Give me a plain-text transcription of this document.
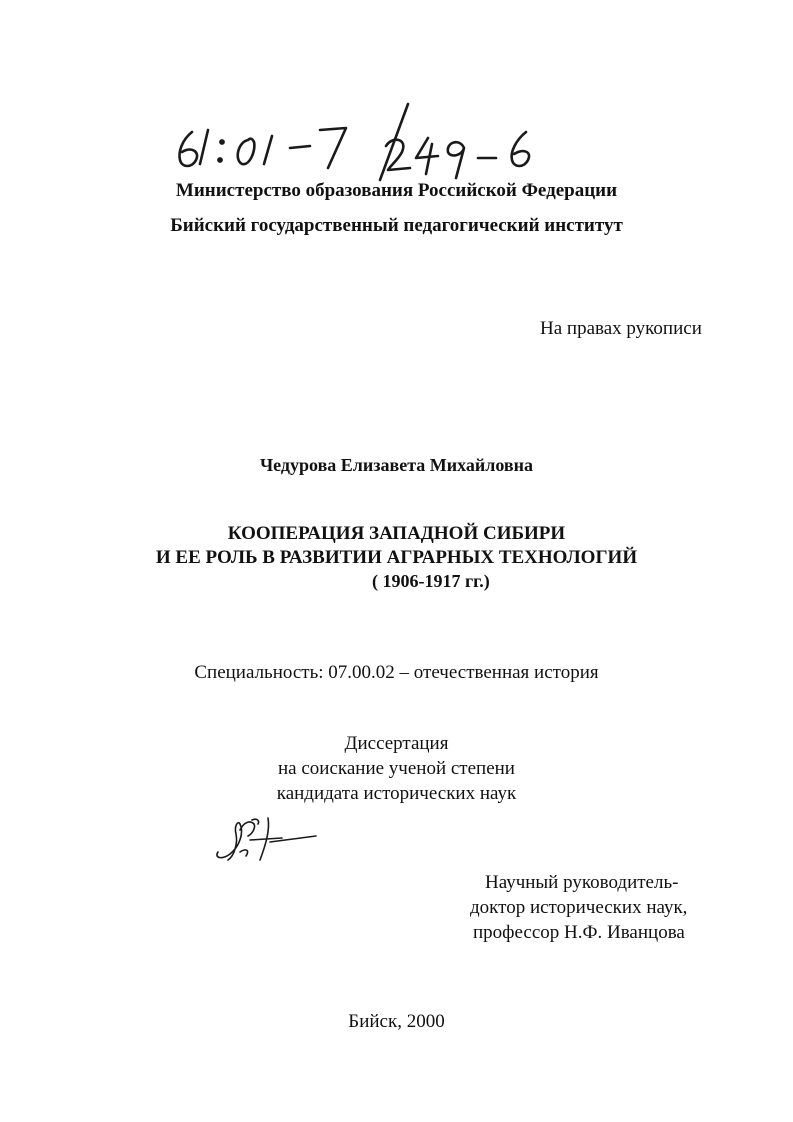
Министерство образования Российской Федерации
Бийский государственный педагогический институт
На правах рукописи
Чедурова Елизавета Михайловна
КООПЕРАЦИЯ ЗАПАДНОЙ СИБИРИ
И ЕЕ РОЛЬ В РАЗВИТИИ АГРАРНЫХ ТЕХНОЛОГИЙ
( 1906-1917 гг.)
Специальность: 07.00.02 – отечественная история
Диссертация
на соискание ученой степени
кандидата исторических наук
Научный руководитель-
доктор исторических наук,
профессор Н.Ф. Иванцова
Бийск, 2000
